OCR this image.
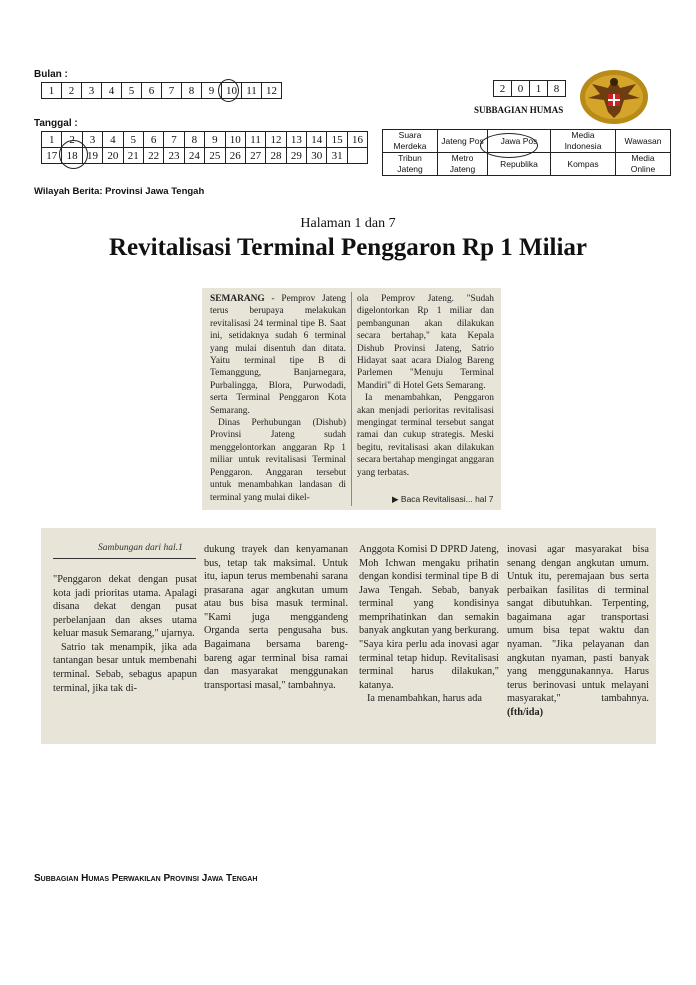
Bulan :
1	2	3	4	5	6	7	8	9	10	11	12
Tanggal :
1	2	3	4	5	6	7	8	9	10	11	12	13	14	15	16
17	18	19	20	21	22	23	24	25	26	27	28	29	30	31	
2	0	1	8
SUBBAGIAN HUMAS
Suara Merdeka	Jateng Pos	Jawa Pos	Media Indonesia	Wawasan
Tribun Jateng	Metro Jateng	Republika	Kompas	Media Online
Wilayah Berita: Provinsi Jawa Tengah
Halaman 1 dan 7
Revitalisasi Terminal Penggaron Rp 1 Miliar
SEMARANG - Pemprov Jateng terus berupaya melakukan revitalisasi 24 terminal tipe B. Saat ini, setidaknya sudah 6 terminal yang mulai disentuh dan ditata. Yaitu terminal tipe B di Temanggung, Banjarnegara, Purbalingga, Blora, Purwodadi, serta Terminal Penggaron Kota Semarang.
Dinas Perhubungan (Dishub) Provinsi Jateng sudah menggelontorkan anggaran Rp 1 miliar untuk revitalisasi Terminal Penggaron. Anggaran tersebut untuk menambahkan landasan di terminal yang mulai dikel-
ola Pemprov Jateng. "Sudah digelontorkan Rp 1 miliar dan pembangunan akan dilakukan secara bertahap," kata Kepala Dishub Provinsi Jateng, Satrio Hidayat saat acara Dialog Bareng Parlemen "Menuju Terminal Mandiri" di Hotel Gets Semarang.
Ia menambahkan, Penggaron akan menjadi perioritas revitalisasi mengingat terminal tersebut sangat ramai dan cukup strategis. Meski begitu, revitalisasi akan dilakukan secara bertahap mengingat anggaran yang terbatas.
▶ Baca Revitalisasi... hal 7
Sambungan dari hal.1
"Penggaron dekat dengan pusat kota jadi prioritas utama. Apalagi disana dekat dengan pusat perbelanjaan dan akses utama keluar masuk Semarang," ujarnya.
Satrio tak menampik, jika ada tantangan besar untuk membenahi terminal. Sebab, sebagus apapun terminal, jika tak di-
dukung trayek dan kenyamanan bus, tetap tak maksimal. Untuk itu, iapun terus membenahi sarana prasarana agar angkutan umum atau bus bisa masuk terminal. "Kami juga menggandeng Organda serta pengusaha bus. Bagaimana bersama bareng-bareng agar terminal bisa ramai dan masyarakat menggunakan transportasi masal," tambahnya.
Anggota Komisi D DPRD Jateng, Moh Ichwan mengaku prihatin dengan kondisi terminal tipe B di Jawa Tengah. Sebab, banyak terminal yang kondisinya memprihatinkan dan semakin banyak angkutan yang berkurang. "Saya kira perlu ada inovasi agar terminal tetap hidup. Revitalisasi terminal harus dilakukan," katanya.
Ia menambahkan, harus ada
inovasi agar masyarakat bisa senang dengan angkutan umum. Untuk itu, peremajaan bus serta perbaikan fasilitas di terminal sangat dibutuhkan. Terpenting, bagaimana agar transportasi umum bisa tepat waktu dan nyaman. "Jika pelayanan dan angkutan nyaman, pasti banyak yang menggunakannya. Harus terus berinovasi untuk melayani masyarakat," tambahnya. (fth/ida)
Subbagian Humas Perwakilan Provinsi Jawa Tengah
